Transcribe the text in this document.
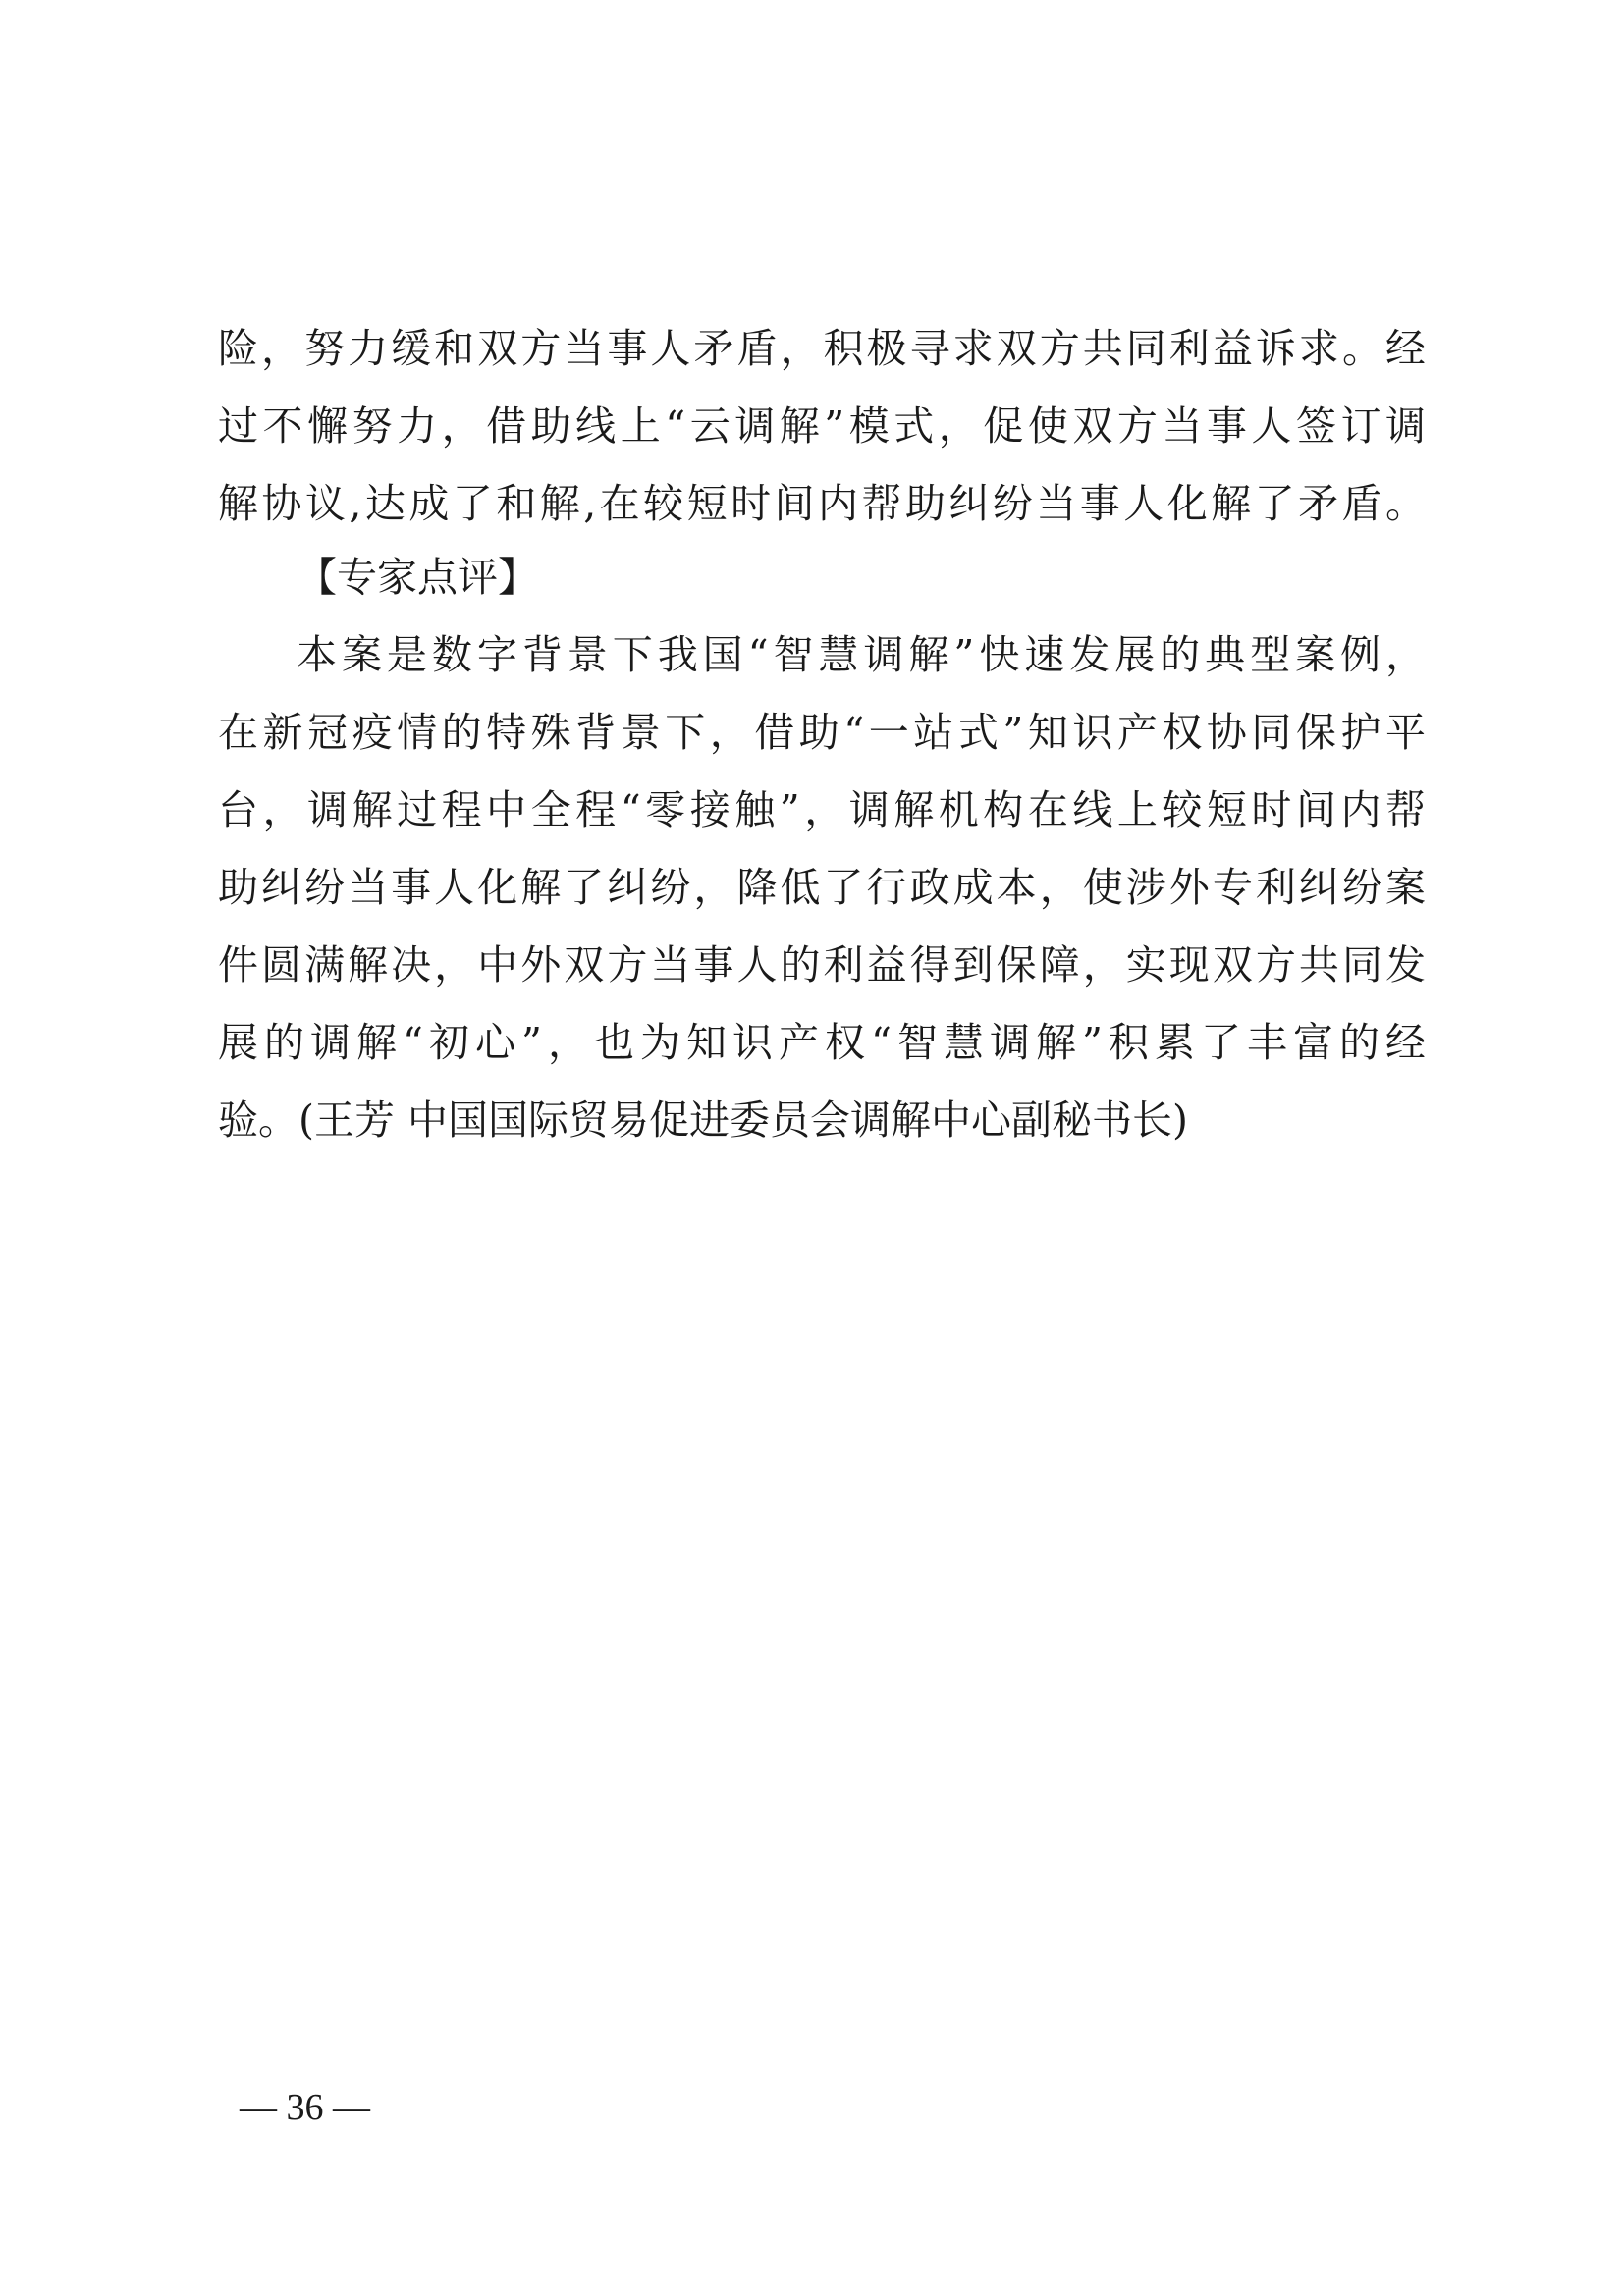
险，努力缓和双方当事人矛盾，积极寻求双方共同利益诉求。经
过不懈努力，借助线上“云调解”模式，促使双方当事人签订调
解协议,达成了和解,在较短时间内帮助纠纷当事人化解了矛盾。
【专家点评】
本案是数字背景下我国“智慧调解”快速发展的典型案例，
在新冠疫情的特殊背景下，借助“一站式”知识产权协同保护平
台，调解过程中全程“零接触”，调解机构在线上较短时间内帮
助纠纷当事人化解了纠纷，降低了行政成本，使涉外专利纠纷案
件圆满解决，中外双方当事人的利益得到保障，实现双方共同发
展的调解“初心”，也为知识产权“智慧调解”积累了丰富的经
验。(王芳 中国国际贸易促进委员会调解中心副秘书长)
— 36 —
